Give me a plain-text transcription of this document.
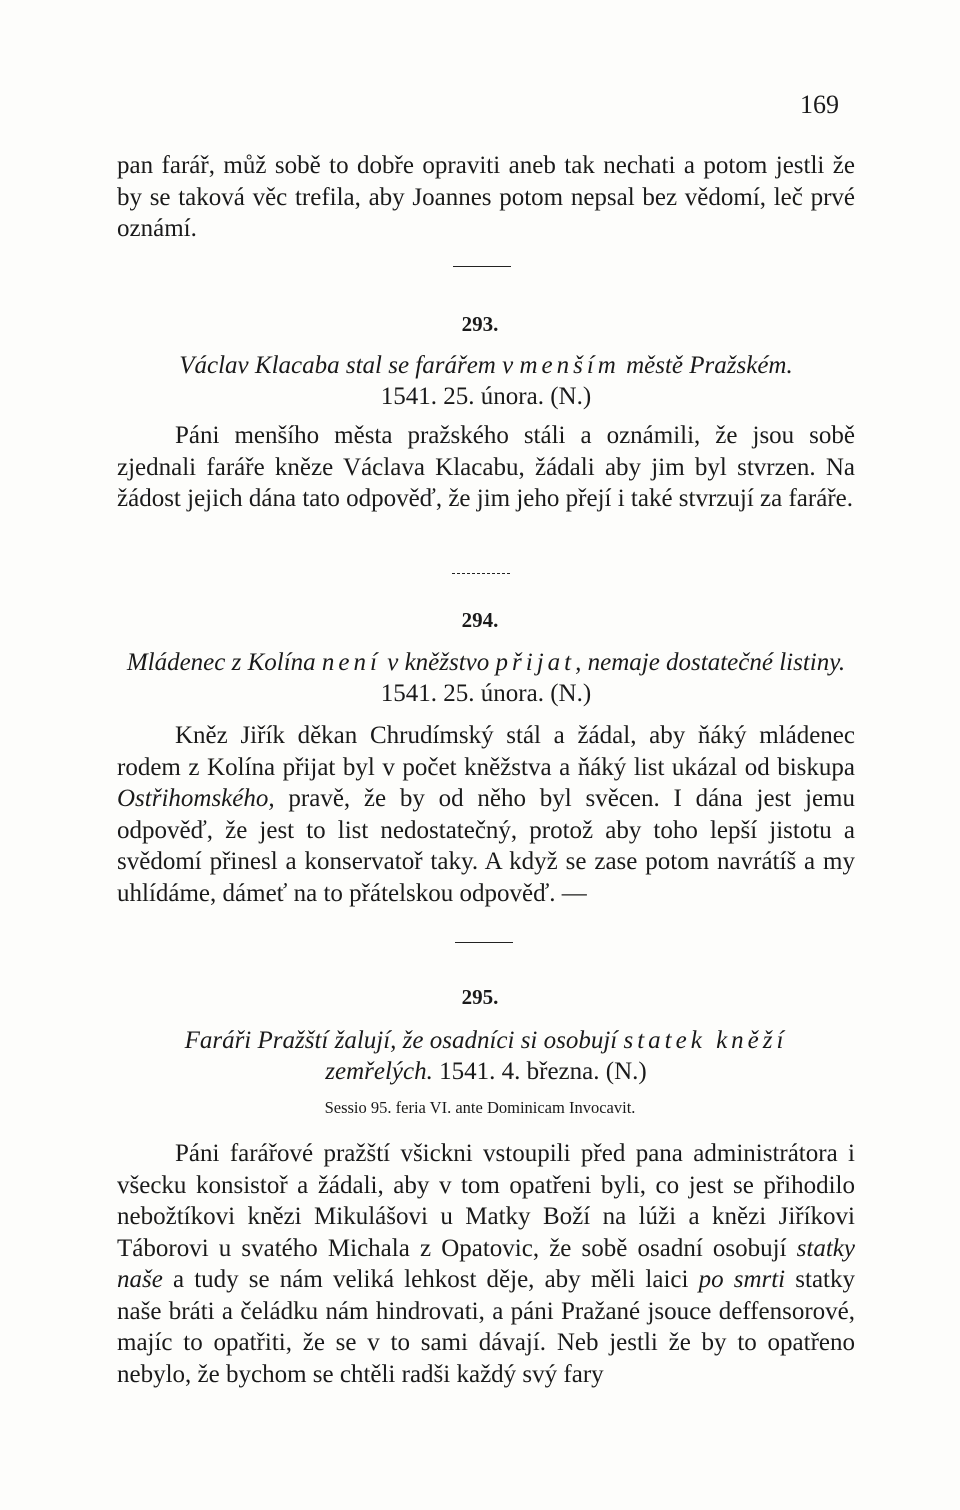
169

pan farář, můž sobě to dobře opraviti aneb tak nechati a potom jestli že by se taková věc trefila, aby Joannes potom nepsal bez vědomí, leč prvé oznámí.

293.

Václav Klacaba stal se farářem v menším městě Pražském.
1541. 25. února. (N.)

Páni menšího města pražského stáli a oznámili, že jsou sobě zjednali faráře kněze Václava Klacabu, žádali aby jim byl stvrzen. Na žádost jejich dána tato odpověď, že jim jeho přejí i také stvrzují za faráře.

294.

Mládenec z Kolína není v kněžstvo přijat, nemaje dostatečné listiny. 1541. 25. února. (N.)

Kněz Jiřík děkan Chrudímský stál a žádal, aby ňáký mládenec rodem z Kolína přijat byl v počet kněžstva a ňáký list ukázal od biskupa Ostřihomského, pravě, že by od něho byl svěcen. I dána jest jemu odpověď, že jest to list nedostatečný, protož aby toho lepší jistotu a svědomí přinesl a konservatoř taky. A když se zase potom navrátíš a my uhlídáme, dámeť na to přátelskou odpověď. —

295.

Faráři Pražští žalují, že osadníci si osobují statek kněží
zemřelých. 1541. 4. března. (N.)

Sessio 95. feria VI. ante Dominicam Invocavit.

Páni farářové pražští všickni vstoupili před pana administrátora i všecku konsistoř a žádali, aby v tom opatřeni byli, co jest se přihodilo nebožtíkovi knězi Mikulášovi u Matky Boží na lúži a knězi Jiříkovi Táborovi u svatého Michala z Opatovic, že sobě osadní osobují statky naše a tudy se nám veliká lehkost děje, aby měli laici po smrti statky naše bráti a čeládku nám hindrovati, a páni Pražané jsouce deffensorové, majíc to opatřiti, že se v to sami dávají. Neb jestli že by to opatřeno nebylo, že bychom se chtěli radši každý svý fary
